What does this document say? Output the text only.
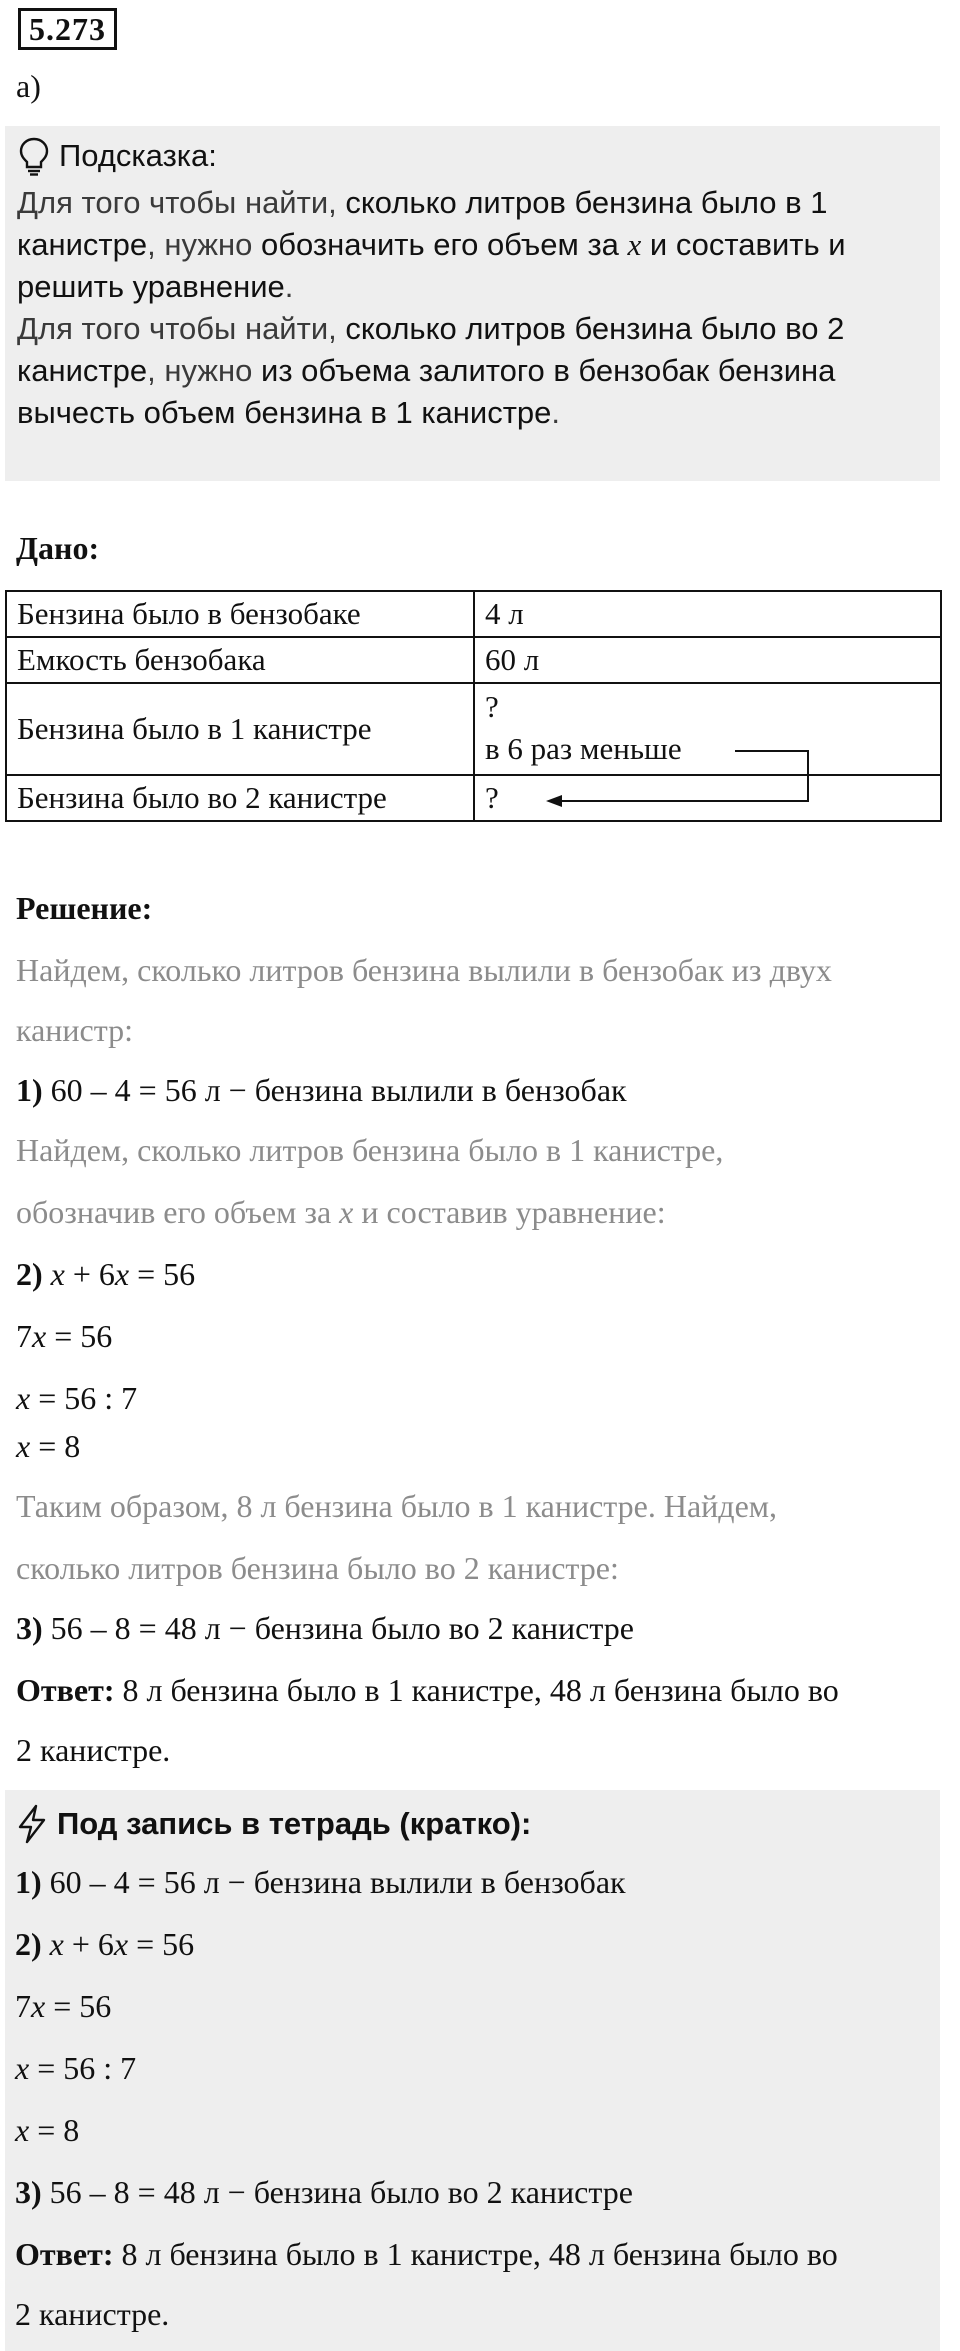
5.273
а)
Подсказка:
Для того чтобы найти, сколько литров бензина было в 1 канистре, нужно обозначить его объем за x и составить и решить уравнение.
Для того чтобы найти, сколько литров бензина было во 2 канистре, нужно из объема залитого в бензобак бензина вычесть объем бензина в 1 канистре.
Дано:
Бензина было в бензобаке	4 л
Емкость бензобака	60 л
Бензина было в 1 канистре	?
в 6 раз меньше

Бензина было во 2 канистре	?
Решение:
Найдем, сколько литров бензина вылили в бензобак из двух
канистр:
1) 60 – 4 = 56 л − бензина вылили в бензобак
Найдем, сколько литров бензина было в 1 канистре,
обозначив его объем за x и составив уравнение:
2) x + 6x = 56
7x = 56
x = 56 : 7
x = 8
Таким образом, 8 л бензина было в 1 канистре. Найдем,
сколько литров бензина было во 2 канистре:
3) 56 – 8 = 48 л − бензина было во 2 канистре
Ответ: 8 л бензина было в 1 канистре, 48 л бензина было во
2 канистре.
Под запись в тетрадь (кратко):
1) 60 – 4 = 56 л − бензина вылили в бензобак
2) x + 6x = 56
7x = 56
x = 56 : 7
x = 8
3) 56 – 8 = 48 л − бензина было во 2 канистре
Ответ: 8 л бензина было в 1 канистре, 48 л бензина было во
2 канистре.
